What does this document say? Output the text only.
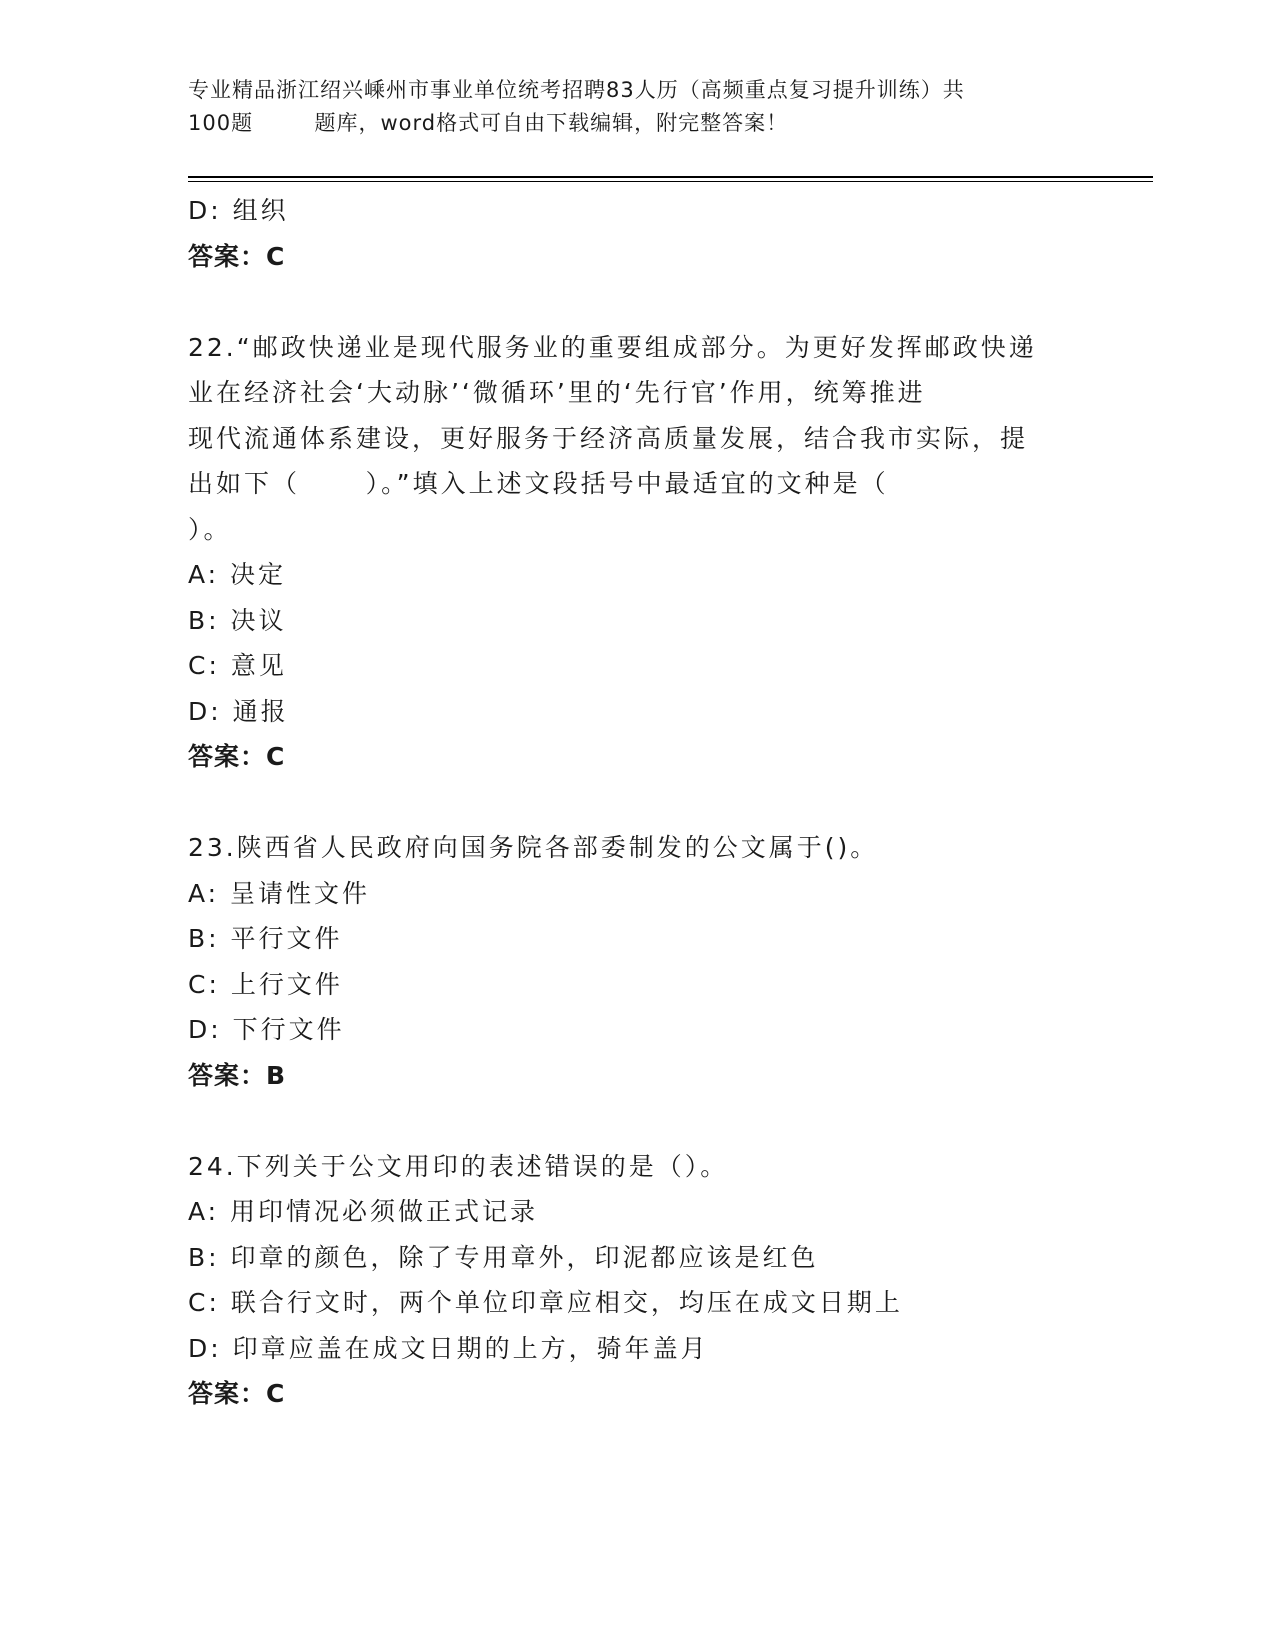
专业精品浙江绍兴嵊州市事业单位统考招聘83人历（高频重点复习提升训练）共
100题        题库，word格式可自由下载编辑，附完整答案！
D: 组织
答案：C
22.“邮政快递业是现代服务业的重要组成部分。为更好发挥邮政快递
业在经济社会‘大动脉’‘微循环’里的‘先行官’作用，统筹推进
现代流通体系建设，更好服务于经济高质量发展，结合我市实际，提
出如下（      ）。”填入上述文段括号中最适宜的文种是（
）。
A: 决定
B: 决议
C: 意见
D: 通报
答案：C
23.陕西省人民政府向国务院各部委制发的公文属于()。
A: 呈请性文件
B: 平行文件
C: 上行文件
D: 下行文件
答案：B
24.下列关于公文用印的表述错误的是（）。
A: 用印情况必须做正式记录
B: 印章的颜色，除了专用章外，印泥都应该是红色
C: 联合行文时，两个单位印章应相交，均压在成文日期上
D: 印章应盖在成文日期的上方，骑年盖月
答案：C
